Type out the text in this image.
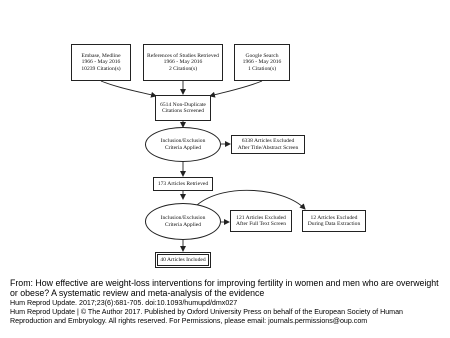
Embase, Medline
1966 - May 2016
10239 Citation(s)
References of Studies Retrieved
1966 - May 2016
2 Citation(s)
Google Search
1966 - May 2016
1 Citation(s)
6514 Non-Duplicate
Citations Screened
Inclusion/Exclusion
Criteria Applied
6338 Articles Excluded
After Title/Abstract Screen
173 Articles Retrieved
Inclusion/Exclusion
Criteria Applied
121 Articles Excluded
After Full Text Screen
12 Articles Excluded
During Data Extraction
40 Articles Included

From: How effective are weight-loss interventions for improving fertility in women and men who are overweight or obese? A systematic review and meta-analysis of the evidence

Hum Reprod Update. 2017;23(6):681-705. doi:10.1093/humupd/dmx027

Hum Reprod Update | © The Author 2017. Published by Oxford University Press on behalf of the European Society of Human Reproduction and Embryology. All rights reserved. For Permissions, please email: journals.permissions@oup.com
